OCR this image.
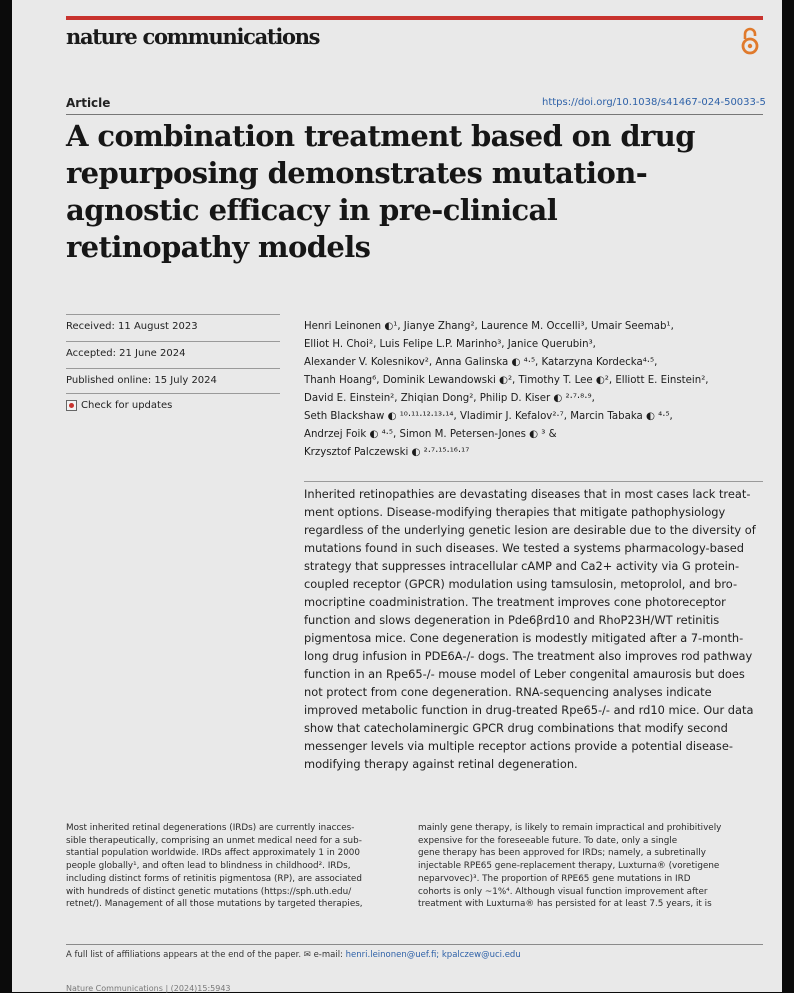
nature communications
Article	https://doi.org/10.1038/s41467-024-50033-5
A combination treatment based on drug repurposing demonstrates mutation-agnostic efficacy in pre-clinical retinopathy models
Received: 11 August 2023
Accepted: 21 June 2024
Published online: 15 July 2024
Check for updates
Henri Leinonen ◐¹, Jianye Zhang², Laurence M. Occelli³, Umair Seemab¹,
Elliot H. Choi², Luis Felipe L.P. Marinho³, Janice Querubin³,
Alexander V. Kolesnikov², Anna Galinska ◐ ⁴·⁵, Katarzyna Kordecka⁴·⁵,
Thanh Hoang⁶, Dominik Lewandowski ◐², Timothy T. Lee ◐², Elliott E. Einstein²,
David E. Einstein², Zhiqian Dong², Philip D. Kiser ◐ ²·⁷·⁸·⁹,
Seth Blackshaw ◐ ¹⁰·¹¹·¹²·¹³·¹⁴, Vladimir J. Kefalov²·⁷, Marcin Tabaka ◐ ⁴·⁵,
Andrzej Foik ◐ ⁴·⁵, Simon M. Petersen-Jones ◐ ³ &
Krzysztof Palczewski ◐ ²·⁷·¹⁵·¹⁶·¹⁷
Inherited retinopathies are devastating diseases that in most cases lack treat-
ment options. Disease-modifying therapies that mitigate pathophysiology
regardless of the underlying genetic lesion are desirable due to the diversity of
mutations found in such diseases. We tested a systems pharmacology-based
strategy that suppresses intracellular cAMP and Ca2+ activity via G protein-
coupled receptor (GPCR) modulation using tamsulosin, metoprolol, and bro-
mocriptine coadministration. The treatment improves cone photoreceptor
function and slows degeneration in Pde6βrd10 and RhoP23H/WT retinitis
pigmentosa mice. Cone degeneration is modestly mitigated after a 7-month-
long drug infusion in PDE6A-/- dogs. The treatment also improves rod pathway
function in an Rpe65-/- mouse model of Leber congenital amaurosis but does
not protect from cone degeneration. RNA-sequencing analyses indicate
improved metabolic function in drug-treated Rpe65-/- and rd10 mice. Our data
show that catecholaminergic GPCR drug combinations that modify second
messenger levels via multiple receptor actions provide a potential disease-
modifying therapy against retinal degeneration.
Most inherited retinal degenerations (IRDs) are currently inacces-
sible therapeutically, comprising an unmet medical need for a sub-
stantial population worldwide. IRDs affect approximately 1 in 2000
people globally¹, and often lead to blindness in childhood². IRDs,
including distinct forms of retinitis pigmentosa (RP), are associated
with hundreds of distinct genetic mutations (https://sph.uth.edu/
retnet/). Management of all those mutations by targeted therapies,
mainly gene therapy, is likely to remain impractical and prohibitively
expensive for the foreseeable future. To date, only a single
gene therapy has been approved for IRDs; namely, a subretinally
injectable RPE65 gene-replacement therapy, Luxturna® (voretigene
neparvovec)³. The proportion of RPE65 gene mutations in IRD
cohorts is only ~1%⁴. Although visual function improvement after
treatment with Luxturna® has persisted for at least 7.5 years, it is
A full list of affiliations appears at the end of the paper. ✉ e-mail: henri.leinonen@uef.fi; kpalczew@uci.edu
Nature Communications | (2024)15:5943
